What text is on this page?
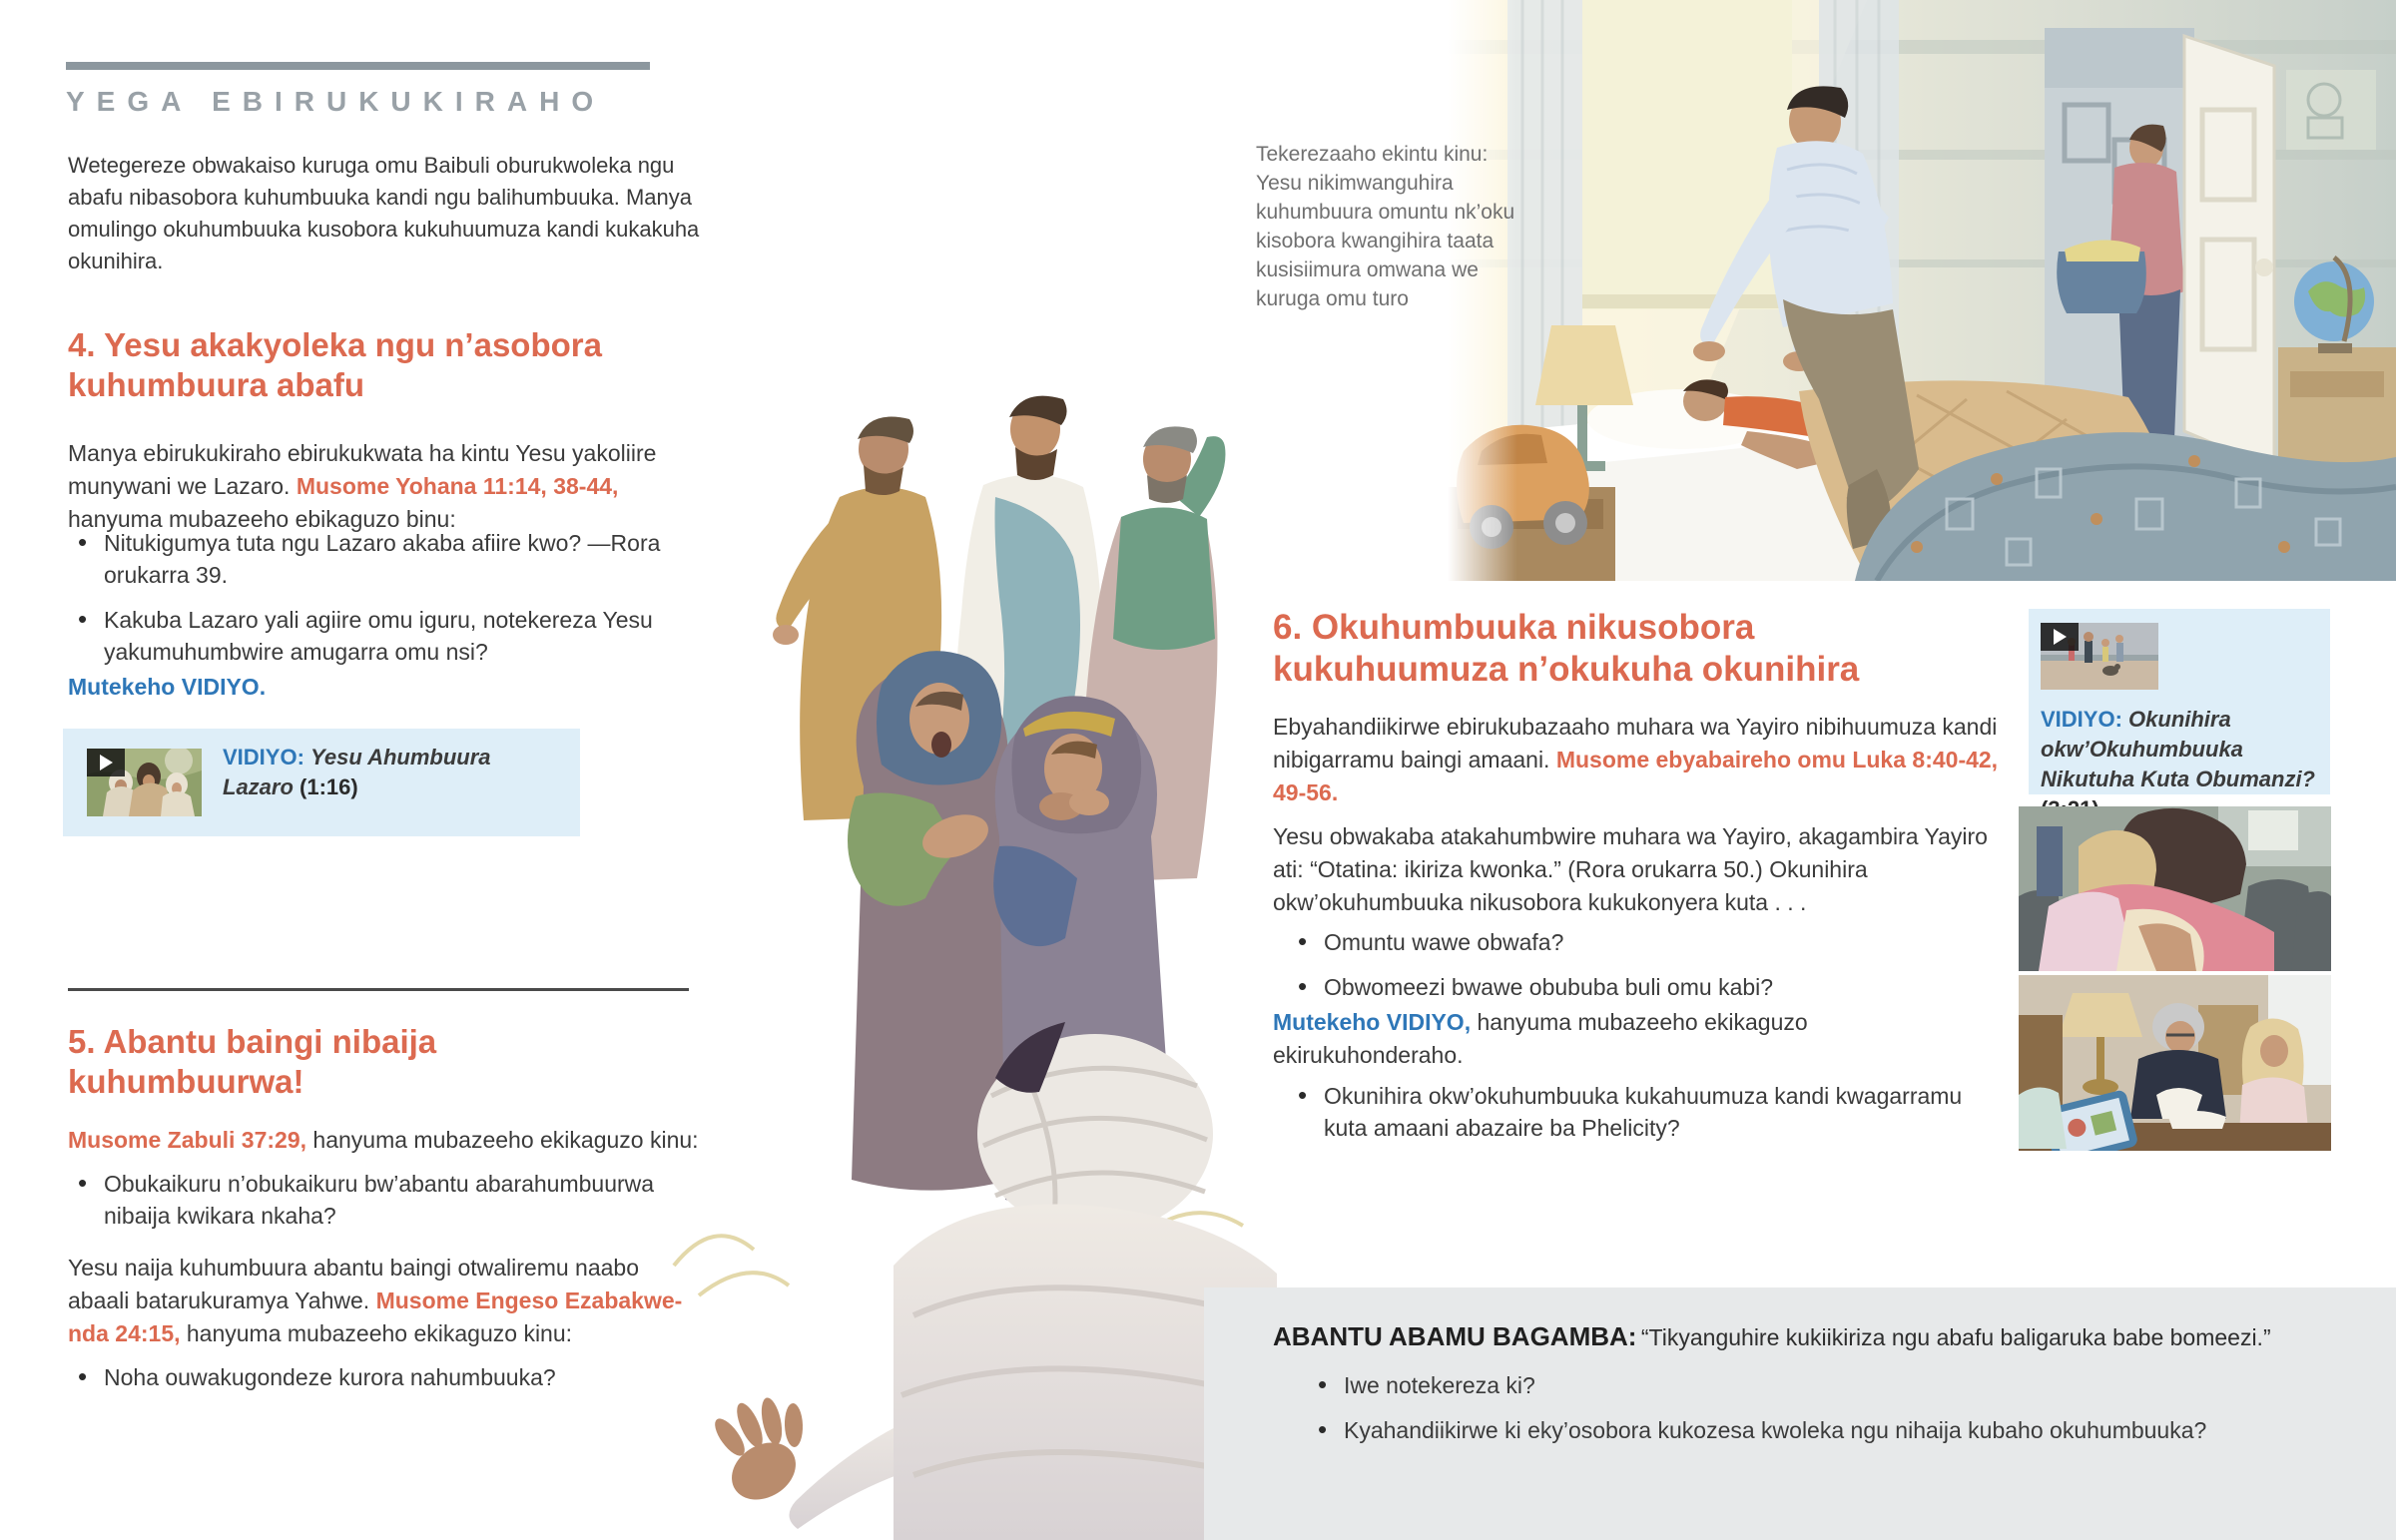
Tekerezaaho ekintu kinu: Yesu nikimwanguhira kuhumbuura omuntu nk’oku kisobora kwangihira taata kusisiimura omwana we kuruga omu turo
YEGA EBIRUKUKIRAHO

Wetegereze obwakaiso kuruga omu Baibuli oburukwoleka ngu abafu nibasobora kuhumbuuka kandi ngu balihumbuuka. Manya omulingo okuhumbuuka kusobora kukuhuumuza kandi kukakuha okunihira.

4. Yesu akakyoleka ngu n’asobora kuhumbuura abafu

Manya ebirukukiraho ebirukukwata ha kintu Yesu yakoliire munywani we Lazaro. Musome Yohana 11:14, 38-44, hanyuma mubazeeho ebikaguzo binu:

• Nitukigumya tuta ngu Lazaro akaba afiire kwo? —Rora orukarra 39.
• Kakuba Lazaro yali agiire omu iguru, notekereza Yesu yakumuhumbwire amugarra omu nsi?
Mutekeho VIDIYO.

VIDIYO: Yesu Ahumbuura Lazaro (1:16)

5. Abantu baingi nibaija kuhumbuurwa!

Musome Zabuli 37:29, hanyuma mubazeeho ekikaguzo kinu:

• Obukaikuru n’obukaikuru bw’abantu abarahumbuurwa nibaija kwikara nkaha?

Yesu naija kuhumbuura abantu baingi otwaliremu naabo abaali batarukuramya Yahwe. Musome Engeso Ezabakwenda 24:15, hanyuma mubazeeho ekikaguzo kinu:

• Noha ouwakugondeze kurora nahumbuuka?
6. Okuhumbuuka nikusobora kukuhuumuza n’okukuha okunihira

Ebyahandiikirwe ebirukubazaaho muhara wa Yayiro nibihuumuza kandi nibigarramu baingi amaani. Musome ebyabaireho omu Luka 8:40-42, 49-56.

Yesu obwakaba atakahumbwire muhara wa Yayiro, akagambira Yayiro ati: “Otatina: ikiriza kwonka.” (Rora orukarra 50.) Okunihira okw’okuhumbuuka nikusobora kukukonyera kuta . . .

• Omuntu wawe obwafa?
• Obwomeezi bwawe obububa buli omu kabi?

Mutekeho VIDIYO, hanyuma mubazeeho ekikaguzo ekirukuhonderaho.

• Okunihira okw’okuhumbuuka kukahuumuza kandi kwagarramu kuta amaani abazaire ba Phelicity?

VIDIYO: Okunihira okw’Okuhumbuuka Nikutuha Kuta Obumanzi?

ABANTU ABAMU BAGAMBA: “Tikyanguhire kukiikiriza ngu abafu baligaruka babe bomeezi.”

• Iwe notekereza ki?
• Kyahandiikirwe ki eky’osobora kukozesa kwoleka ngu nihaija kubaho okuhumbuuka?
